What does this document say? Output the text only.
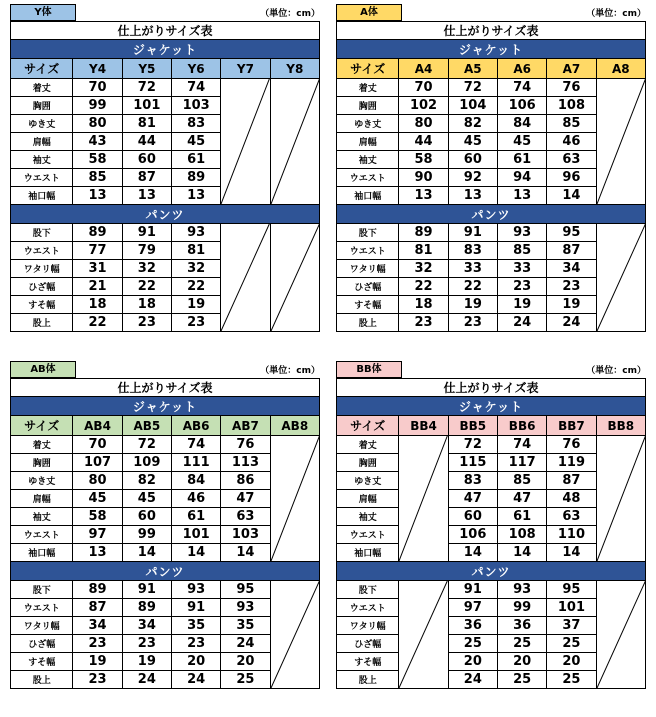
Y体	（単位：cm）
仕上がりサイズ表					
ジャケット					
サイズ	Y4	Y5	Y6	Y7	Y8
着丈	70	72	74	

胸囲	99	101	103		
ゆき丈	80	81	83		
肩幅	43	44	45		
袖丈	58	60	61		
ウエスト	85	87	89		
袖口幅	13	13	13		
パンツ					
股下	89	91	93	

ウエスト	77	79	81		
ワタリ幅	31	32	32		
ひざ幅	21	22	22		
すそ幅	18	18	19		
股上	22	23	23		
A体	（単位：cm）
仕上がりサイズ表					
ジャケット					
サイズ	A4	A5	A6	A7	A8
着丈	70	72	74	76	

胸囲	102	104	106	108	
ゆき丈	80	82	84	85	
肩幅	44	45	45	46	
袖丈	58	60	61	63	
ウエスト	90	92	94	96	
袖口幅	13	13	13	14	
パンツ					
股下	89	91	93	95	

ウエスト	81	83	85	87	
ワタリ幅	32	33	33	34	
ひざ幅	22	22	23	23	
すそ幅	18	19	19	19	
股上	23	23	24	24	
AB体	（単位：cm）
仕上がりサイズ表					
ジャケット					
サイズ	AB4	AB5	AB6	AB7	AB8
着丈	70	72	74	76	

胸囲	107	109	111	113	
ゆき丈	80	82	84	86	
肩幅	45	45	46	47	
袖丈	58	60	61	63	
ウエスト	97	99	101	103	
袖口幅	13	14	14	14	
パンツ					
股下	89	91	93	95	

ウエスト	87	89	91	93	
ワタリ幅	34	34	35	35	
ひざ幅	23	23	23	24	
すそ幅	19	19	20	20	
股上	23	24	24	25	
BB体	（単位：cm）
仕上がりサイズ表					
ジャケット					
サイズ	BB4	BB5	BB6	BB7	BB8
着丈		72	74	76	

胸囲		115	117	119	
ゆき丈		83	85	87	
肩幅		47	47	48	
袖丈		60	61	63	
ウエスト		106	108	110	
袖口幅		14	14	14	
パンツ					
股下		91	93	95	

ウエスト		97	99	101	
ワタリ幅		36	36	37	
ひざ幅		25	25	25	
すそ幅		20	20	20	
股上		24	25	25	
